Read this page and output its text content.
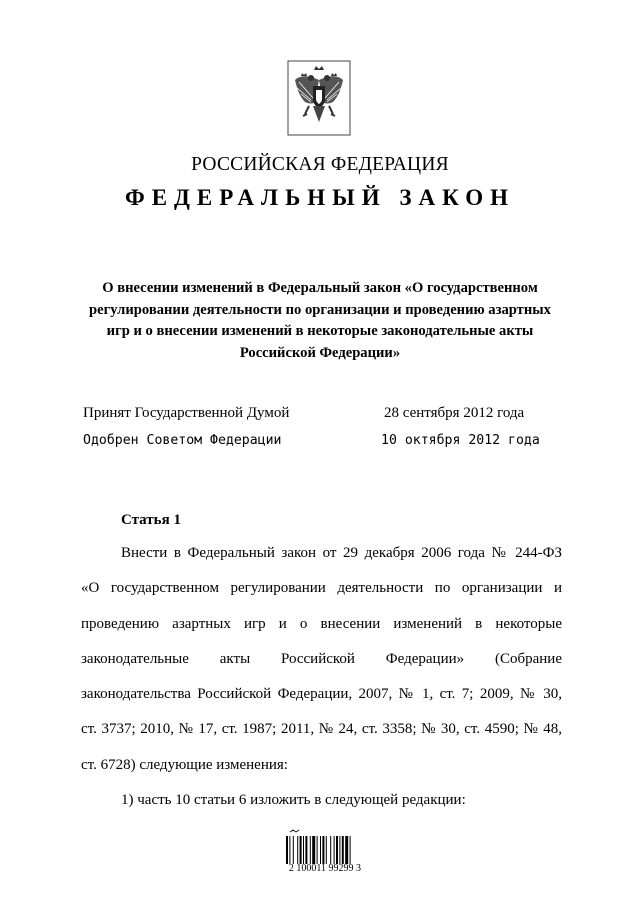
РОССИЙСКАЯ ФЕДЕРАЦИЯ
ФЕДЕРАЛЬНЫЙ ЗАКОН
О внесении изменений в Федеральный закон «О государственном
регулировании деятельности по организации и проведению азартных
игр и о внесении изменений в некоторые законодательные акты
Российской Федерации»
Принят Государственной Думой	28 сентября 2012 года
Одобрен Советом Федерации	10 октября 2012 года
Статья 1
Внести в Федеральный закон от 29 декабря 2006 года № 244-ФЗ
«О государственном регулировании деятельности по организации и
проведению азартных игр и о внесении изменений в некоторые
законодательные акты Российской Федерации» (Собрание
законодательства Российской Федерации, 2007, № 1, ст. 7; 2009, № 30,
ст. 3737; 2010, № 17, ст. 1987; 2011, № 24, ст. 3358; № 30, ст. 4590; № 48,
ст. 6728) следующие изменения:
1) часть 10 статьи 6 изложить в следующей редакции:
2 100011 99299 3
